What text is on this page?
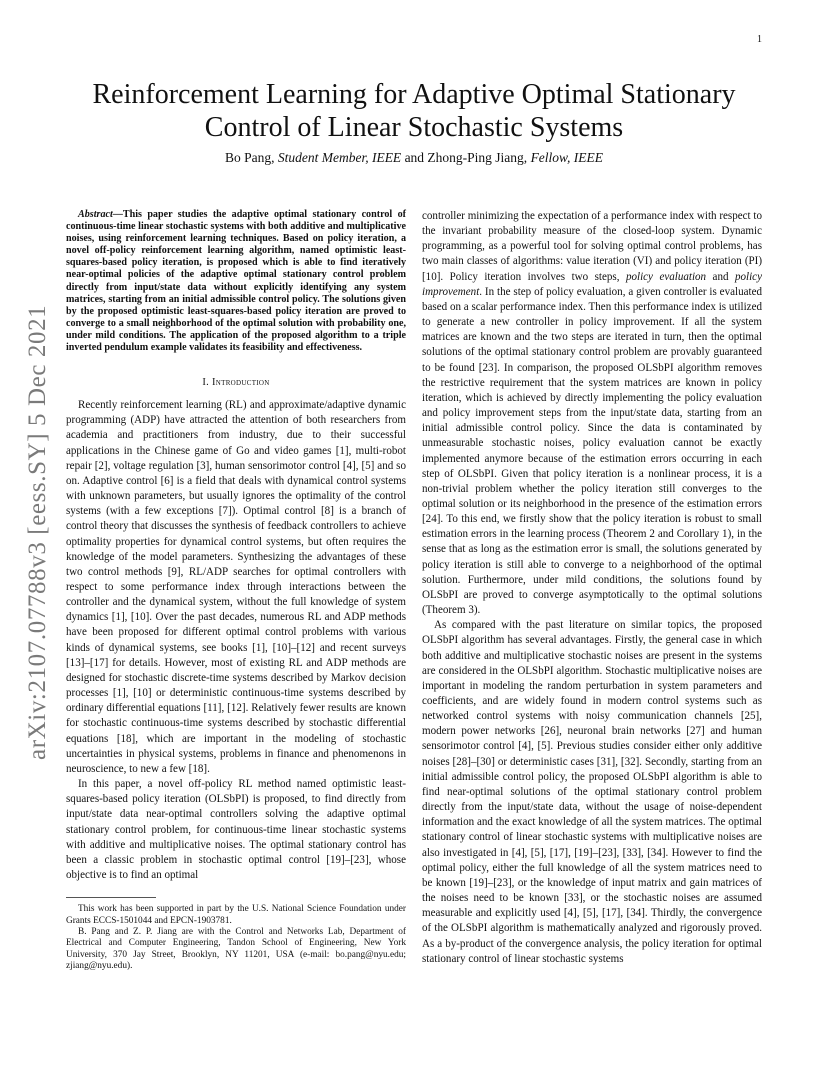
1
arXiv:2107.07788v3 [eess.SY] 5 Dec 2021
Reinforcement Learning for Adaptive Optimal Stationary Control of Linear Stochastic Systems
Bo Pang, Student Member, IEEE and Zhong-Ping Jiang, Fellow, IEEE

Abstract—This paper studies the adaptive optimal stationary control of continuous-time linear stochastic systems with both additive and multiplicative noises, using reinforcement learning techniques. Based on policy iteration, a novel off-policy reinforcement learning algorithm, named optimistic least-squares-based policy iteration, is proposed which is able to find iteratively near-optimal policies of the adaptive optimal stationary control problem directly from input/state data without explicitly identifying any system matrices, starting from an initial admissible control policy. The solutions given by the proposed optimistic least-squares-based policy iteration are proved to converge to a small neighborhood of the optimal solution with probability one, under mild conditions. The application of the proposed algorithm to a triple inverted pendulum example validates its feasibility and effectiveness.

I. Introduction

Recently reinforcement learning (RL) and approximate/adaptive dynamic programming (ADP) have attracted the attention of both researchers from academia and practitioners from industry, due to their successful applications in the Chinese game of Go and video games [1], multi-robot repair [2], voltage regulation [3], human sensorimotor control [4], [5] and so on. Adaptive control [6] is a field that deals with dynamical control systems with unknown parameters, but usually ignores the optimality of the control systems (with a few exceptions [7]). Optimal control [8] is a branch of control theory that discusses the synthesis of feedback controllers to achieve optimality properties for dynamical control systems, but often requires the knowledge of the model parameters. Synthesizing the advantages of these two control methods [9], RL/ADP searches for optimal controllers with respect to some performance index through interactions between the controller and the dynamical system, without the full knowledge of system dynamics [1], [10]. Over the past decades, numerous RL and ADP methods have been proposed for different optimal control problems with various kinds of dynamical systems, see books [1], [10]–[12] and recent surveys [13]–[17] for details. However, most of existing RL and ADP methods are designed for stochastic discrete-time systems described by Markov decision processes [1], [10] or deterministic continuous-time systems described by ordinary differential equations [11], [12]. Relatively fewer results are known for stochastic continuous-time systems described by stochastic differential equations [18], which are important in the modeling of stochastic uncertainties in physical systems, problems in finance and phenomenons in neuroscience, to new a few [18].

In this paper, a novel off-policy RL method named optimistic least-squares-based policy iteration (OLSbPI) is proposed, to find directly from input/state data near-optimal controllers solving the adaptive optimal stationary control problem, for continuous-time linear stochastic systems with additive and multiplicative noises. The optimal stationary control has been a classic problem in stochastic optimal control [19]–[23], whose objective is to find an optimal

This work has been supported in part by the U.S. National Science Foundation under Grants ECCS-1501044 and EPCN-1903781.

B. Pang and Z. P. Jiang are with the Control and Networks Lab, Department of Electrical and Computer Engineering, Tandon School of Engineering, New York University, 370 Jay Street, Brooklyn, NY 11201, USA (e-mail: bo.pang@nyu.edu; zjiang@nyu.edu).

controller minimizing the expectation of a performance index with respect to the invariant probability measure of the closed-loop system. Dynamic programming, as a powerful tool for solving optimal control problems, has two main classes of algorithms: value iteration (VI) and policy iteration (PI) [10]. Policy iteration involves two steps, policy evaluation and policy improvement. In the step of policy evaluation, a given controller is evaluated based on a scalar performance index. Then this performance index is utilized to generate a new controller in policy improvement. If all the system matrices are known and the two steps are iterated in turn, then the optimal solutions of the optimal stationary control problem are provably guaranteed to be found [23]. In comparison, the proposed OLSbPI algorithm removes the restrictive requirement that the system matrices are known in policy iteration, which is achieved by directly implementing the policy evaluation and policy improvement steps from the input/state data, starting from an initial admissible control policy. Since the data is contaminated by unmeasurable stochastic noises, policy evaluation cannot be exactly implemented anymore because of the estimation errors occurring in each step of OLSbPI. Given that policy iteration is a nonlinear process, it is a non-trivial problem whether the policy iteration still converges to the optimal solution or its neighborhood in the presence of the estimation errors [24]. To this end, we firstly show that the policy iteration is robust to small estimation errors in the learning process (Theorem 2 and Corollary 1), in the sense that as long as the estimation error is small, the solutions generated by policy iteration is still able to converge to a neighborhood of the optimal solution. Furthermore, under mild conditions, the solutions found by OLSbPI are proved to converge asymptotically to the optimal solutions (Theorem 3).

As compared with the past literature on similar topics, the proposed OLSbPI algorithm has several advantages. Firstly, the general case in which both additive and multiplicative stochastic noises are present in the systems are considered in the OLSbPI algorithm. Stochastic multiplicative noises are important in modeling the random perturbation in system parameters and coefficients, and are widely found in modern control systems such as networked control systems with noisy communication channels [25], modern power networks [26], neuronal brain networks [27] and human sensorimotor control [4], [5]. Previous studies consider either only additive noises [28]–[30] or deterministic cases [31], [32]. Secondly, starting from an initial admissible control policy, the proposed OLSbPI algorithm is able to find near-optimal solutions of the optimal stationary control problem directly from the input/state data, without the usage of noise-dependent information and the exact knowledge of all the system matrices. The optimal stationary control of linear stochastic systems with multiplicative noises are also investigated in [4], [5], [17], [19]–[23], [33], [34]. However to find the optimal policy, either the full knowledge of all the system matrices need to be known [19]–[23], or the knowledge of input matrix and gain matrices of the noises need to be known [33], or the stochastic noises are assumed measurable and explicitly used [4], [5], [17], [34]. Thirdly, the convergence of the OLSbPI algorithm is mathematically analyzed and rigorously proved. As a by-product of the convergence analysis, the policy iteration for optimal stationary control of linear stochastic systems
